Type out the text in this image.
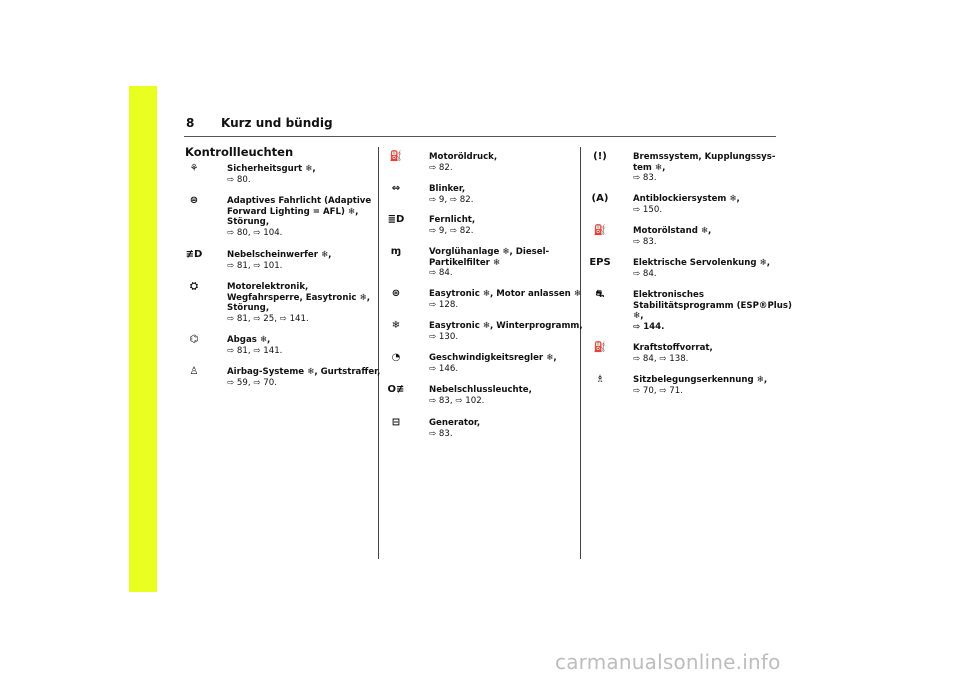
8 Kurz und bündig
Kontrollleuchten
⚘	Sicherheitsgurt ❄,
⇨ 80.
⊜	Adaptives Fahrlicht (Adaptive
Forward Lighting = AFL) ❄,
Störung,
⇨ 80, ⇨ 104.
≢D	Nebelscheinwerfer ❄,
⇨ 81, ⇨ 101.
⛭	Motorelektronik,
Wegfahrsperre, Easytronic ❄,
Störung,
⇨ 81, ⇨ 25, ⇨ 141.
⌬	Abgas ❄,
⇨ 81, ⇨ 141.
♙	Airbag-Systeme ❄, Gurtstraffer,
⇨ 59, ⇨ 70.
⛽	Motoröldruck,
⇨ 82.
⇔	Blinker,
⇨ 9, ⇨ 82.
≣D	Fernlicht,
⇨ 9, ⇨ 82.
ɱ	Vorglühanlage ❄, Diesel-
Partikelfilter ❄
⇨ 84.
⊛	Easytronic ❄, Motor anlassen ❄
⇨ 128.
❄	Easytronic ❄, Winterprogramm,
⇨ 130.
◔	Geschwindigkeitsregler ❄,
⇨ 146.
O≢	Nebelschlussleuchte,
⇨ 83, ⇨ 102.
⊟	Generator,
⇨ 83.
(!)	Bremssystem, Kupplungssys-
tem ❄,
⇨ 83.
(A)	Antiblockiersystem ❄,
⇨ 150.
⛽	Motorölstand ❄,
⇨ 83.
EPS	Elektrische Servolenkung ❄,
⇨ 84.
⛐	Elektronisches
Stabilitätsprogramm (ESP®Plus)
❄,
⇨ 144.
⛽	Kraftstoffvorrat,
⇨ 84, ⇨ 138.
♗	Sitzbelegungserkennung ❄,
⇨ 70, ⇨ 71.
carmanualsonline.info
